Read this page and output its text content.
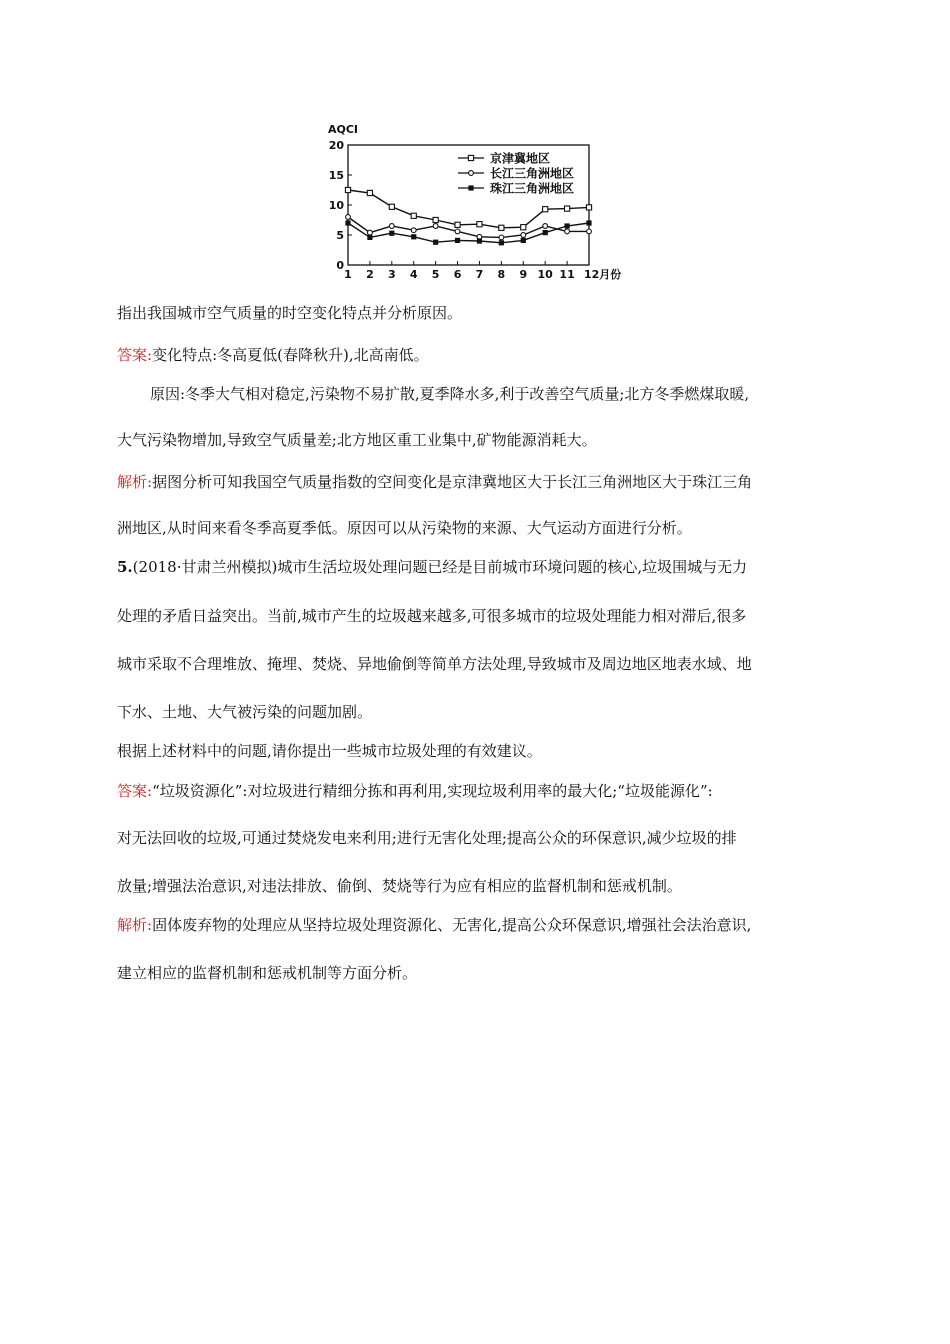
AQCI
0
5
10
15
20
1 2 3 4 5 6 7 8 9 10 11 12月份
京津冀地区
长江三角洲地区
珠江三角洲地区
指出我国城市空气质量的时空变化特点并分析原因。
答案:变化特点:冬高夏低(春降秋升),北高南低。
原因:冬季大气相对稳定,污染物不易扩散,夏季降水多,利于改善空气质量;北方冬季燃煤取暖,
大气污染物增加,导致空气质量差;北方地区重工业集中,矿物能源消耗大。
解析:据图分析可知我国空气质量指数的空间变化是京津冀地区大于长江三角洲地区大于珠江三角
洲地区,从时间来看冬季高夏季低。原因可以从污染物的来源、大气运动方面进行分析。
5.(2018·甘肃兰州模拟)城市生活垃圾处理问题已经是目前城市环境问题的核心,垃圾围城与无力
处理的矛盾日益突出。当前,城市产生的垃圾越来越多,可很多城市的垃圾处理能力相对滞后,很多
城市采取不合理堆放、掩埋、焚烧、异地偷倒等简单方法处理,导致城市及周边地区地表水域、地
下水、土地、大气被污染的问题加剧。
根据上述材料中的问题,请你提出一些城市垃圾处理的有效建议。
答案:“垃圾资源化”:对垃圾进行精细分拣和再利用,实现垃圾利用率的最大化;“垃圾能源化”:
对无法回收的垃圾,可通过焚烧发电来利用;进行无害化处理;提高公众的环保意识,减少垃圾的排
放量;增强法治意识,对违法排放、偷倒、焚烧等行为应有相应的监督机制和惩戒机制。
解析:固体废弃物的处理应从坚持垃圾处理资源化、无害化,提高公众环保意识,增强社会法治意识,
建立相应的监督机制和惩戒机制等方面分析。
